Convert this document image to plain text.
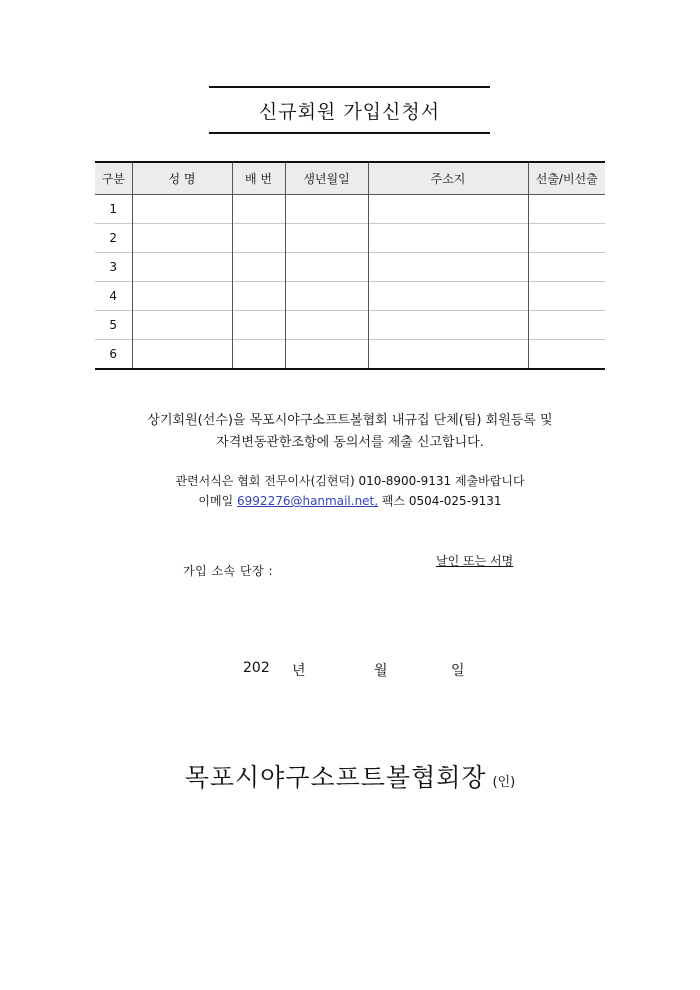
신규회원 가입신청서
구분	성 명	배 번	생년월일	주소지	선출/비선출
1					
2					
3					
4					
5					
6					
상기회원(선수)을 목포시야구소프트볼협회 내규집 단체(팀) 회원등록 및
자격변동관한조항에 동의서를 제출 신고합니다.
관련서식은 협회 전무이사(김현덕) 010-8900-9131 제출바랍니다
이메일 6992276@hanmail.net, 팩스 0504-025-9131
날인 또는 서명
가입 소속 단장 :
202 년	월	일
목포시야구소프트볼협회장 (인)
